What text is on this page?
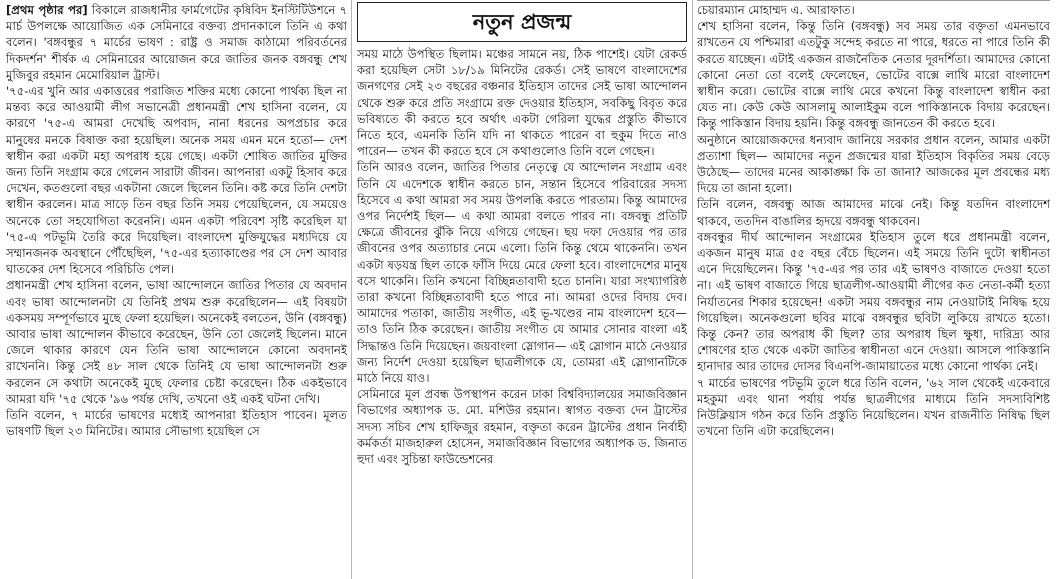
[প্রথম পৃষ্ঠার পর] বিকালে রাজধানীর ফার্মগেটের কৃষিবিদ ইনস্টিটিউশনে ৭ মার্চ উপলক্ষে আয়োজিত এক সেমিনারে বক্তব্য প্রদানকালে তিনি এ কথা বলেন। 'বঙ্গবন্ধুর ৭ মার্চের ভাষণ : রাষ্ট্র ও সমাজ কাঠামো পরিবর্তনের দিকদর্শন' শীর্ষক এ সেমিনারের আয়োজন করে জাতির জনক বঙ্গবন্ধু শেখ মুজিবুর রহমান মেমোরিয়াল ট্রাস্ট।

'৭৫-এর খুনি আর একাত্তরের পরাজিত শক্তির মধ্যে কোনো পার্থক্য ছিল না মন্তব্য করে আওয়ামী লীগ সভানেত্রী প্রধানমন্ত্রী শেখ হাসিনা বলেন, যে কারণে '৭৫-এ আমরা দেখেছি অপবাদ, নানা ধরনের অপপ্রচার করে মানুষের মনকে বিষাক্ত করা হয়েছিল। অনেক সময় এমন মনে হতো— দেশ স্বাধীন করা একটা মহা অপরাধ হয়ে গেছে। একটা শোষিত জাতির মুক্তির জন্য তিনি সংগ্রাম করে গেলেন সারাটা জীবন। আপনারা একটু হিসাব করে দেখেন, কতগুলো বছর একটানা জেলে ছিলেন তিনি। কষ্ট করে তিনি দেশটা স্বাধীন করলেন। মাত্র সাড়ে তিন বছর তিনি সময় পেয়েছিলেন, যে সময়েও অনেকে তো সহযোগিতা করেননি। এমন একটা পরিবেশ সৃষ্টি করেছিল যা '৭৫-এ পটভূমি তৈরি করে দিয়েছিল। বাংলাদেশ মুক্তিযুদ্ধের মধ্যদিয়ে যে সম্মানজনক অবস্থানে পৌঁছেছিল, '৭৫-এর হত্যাকাণ্ডের পর সে দেশ আবার ঘাতকের দেশ হিসেবে পরিচিতি পেল।

প্রধানমন্ত্রী শেখ হাসিনা বলেন, ভাষা আন্দোলনে জাতির পিতার যে অবদান এবং ভাষা আন্দোলনটা যে তিনিই প্রথম শুরু করেছিলেন— এই বিষয়টা একসময় সম্পূর্ণভাবে মুছে ফেলা হয়েছিল। অনেকেই বলতেন, উনি (বঙ্গবন্ধু) আবার ভাষা আন্দোলন কীভাবে করেছেন, উনি তো জেলেই ছিলেন। মানে জেলে থাকার কারণে যেন তিনি ভাষা আন্দোলনে কোনো অবদানই রাখেননি। কিন্তু সেই ৪৮ সাল থেকে তিনিই যে ভাষা আন্দোলনটা শুরু করলেন সে কথাটা অনেকেই মুছে ফেলার চেষ্টা করেছেন। ঠিক একইভাবে আমরা যদি '৭৫ থেকে '৯৬ পর্যন্ত দেখি, তখনো ওই একই ঘটনা দেখি।

তিনি বলেন, ৭ মার্চের ভাষণের মধ্যেই আপনারা ইতিহাস পাবেন। মূলত ভাষণটি ছিল ২৩ মিনিটের। আমার সৌভাগ্য হয়েছিল সে

নতুন প্রজন্ম

সময় মাঠে উপস্থিত ছিলাম। মঞ্চের সামনে নয়, ঠিক পাশেই। যেটা রেকর্ড করা হয়েছিল সেটা ১৮/১৯ মিনিটের রেকর্ড। সেই ভাষণে বাংলাদেশের জনগণের সেই ২৩ বছরের বঞ্চনার ইতিহাস তাদের সেই ভাষা আন্দোলন থেকে শুরু করে প্রতি সংগ্রামে রক্ত দেওয়ার ইতিহাস, সবকিছু বিবৃত করে ভবিষ্যতে কী করতে হবে অর্থাৎ একটা গেরিলা যুদ্ধের প্রস্তুতি কীভাবে নিতে হবে, এমনকি তিনি যদি না থাকতে পারেন বা হুকুম দিতে নাও পারেন— তখন কী করতে হবে সে কথাগুলোও তিনি বলে গেছেন।

তিনি আরও বলেন, জাতির পিতার নেতৃত্বে যে আন্দোলন সংগ্রাম এবং তিনি যে এদেশকে স্বাধীন করতে চান, সন্তান হিসেবে পরিবারের সদস্য হিসেবে এ কথা আমরা সব সময় উপলব্ধি করতে পারতাম। কিন্তু আমাদের ওপর নির্দেশই ছিল— এ কথা আমরা বলতে পারব না। বঙ্গবন্ধু প্রতিটি ক্ষেত্রে জীবনের ঝুঁকি নিয়ে এগিয়ে গেছেন। ছয় দফা দেওয়ার পর তার জীবনের ওপর অত্যাচার নেমে এলো। তিনি কিন্তু থেমে থাকেননি। তখন একটা ষড়যন্ত্র ছিল তাকে ফাঁসি দিয়ে মেরে ফেলা হবে। বাংলাদেশের মানুষ বসে থাকেনি। তিনি কখনো বিচ্ছিন্নতাবাদী হতে চাননি। যারা সংখ্যাগরিষ্ঠ তারা কখনো বিচ্ছিন্নতাবাদী হতে পারে না। আমরা ওদের বিদায় দেব। আমাদের পতাকা, জাতীয় সংগীত, এই ভূ-খণ্ডের নাম বাংলাদেশ হবে— তাও তিনি ঠিক করেছেন। জাতীয় সংগীত যে আমার সোনার বাংলা এই সিদ্ধান্তও তিনি দিয়েছেন। জয়বাংলা স্লোগান— এই স্লোগান মাঠে নেওয়ার জন্য নির্দেশ দেওয়া হয়েছিল ছাত্রলীগকে যে, তোমরা এই স্লোগানটিকে মাঠে নিয়ে যাও।

সেমিনারে মূল প্রবন্ধ উপস্থাপন করেন ঢাকা বিশ্ববিদ্যালয়ের সমাজবিজ্ঞান বিভাগের অধ্যাপক ড. মো. মশিউর রহমান। স্বাগত বক্তব্য দেন ট্রাস্টের সদস্য সচিব শেখ হাফিজুর রহমান, বক্তৃতা করেন ট্রাস্টের প্রধান নির্বাহী কর্মকর্তা মাজহারুল হোসেন, সমাজবিজ্ঞান বিভাগের অধ্যাপক ড. জিনাত হুদা এবং সুচিন্তা ফাউন্ডেশনের

চেয়ারম্যান মোহাম্মদ এ. আরাফাত।

শেখ হাসিনা বলেন, কিন্তু তিনি (বঙ্গবন্ধু) সব সময় তার বক্তৃতা এমনভাবে রাখতেন যে পশ্চিমারা এতটুকু সন্দেহ করতে না পারে, ধরতে না পারে তিনি কী করতে যাচ্ছেন। এটাই একজন রাজনৈতিক নেতার দূরদর্শিতা। আমাদের কোনো কোনো নেতা তো বলেই ফেলেছেন, ভোটের বাক্সে লাথি মারো বাংলাদেশ স্বাধীন করো। ভোটের বাক্সে লাথি মেরে কখনো কিন্তু বাংলাদেশ স্বাধীন করা যেত না। কেউ কেউ আসলামু আলাইকুম বলে পাকিস্তানকে বিদায় করেছেন। কিন্তু পাকিস্তান বিদায় হয়নি। কিন্তু বঙ্গবন্ধু জানতেন কী করতে হবে।

অনুষ্ঠানে আয়োজকদের ধন্যবাদ জানিয়ে সরকার প্রধান বলেন, আমার একটা প্রত্যাশা ছিল— আমাদের নতুন প্রজন্মের যারা ইতিহাস বিকৃতির সময় বেড়ে উঠেছে— তাদের মনের আকাঙ্ক্ষা কি তা জানা? আজকের মূল প্রবন্ধের মধ্য দিয়ে তা জানা হলো।

তিনি বলেন, বঙ্গবন্ধু আজ আমাদের মাঝে নেই। কিন্তু যতদিন বাংলাদেশ থাকবে, ততদিন বাঙালির হৃদয়ে বঙ্গবন্ধু থাকবেন।

বঙ্গবন্ধুর দীর্ঘ আন্দোলন সংগ্রামের ইতিহাস তুলে ধরে প্রধানমন্ত্রী বলেন, একজন মানুষ মাত্র ৫৫ বছর বেঁচে ছিলেন। এই সময়ে তিনি দুটো স্বাধীনতা এনে দিয়েছিলেন। কিন্তু '৭৫-এর পর তার এই ভাষণও বাজাতে দেওয়া হতো না। এই ভাষণ বাজাতে গিয়ে ছাত্রলীগ-আওয়ামী লীগের কত নেতা-কর্মী হত্যা নির্যাতনের শিকার হয়েছেন! একটা সময় বঙ্গবন্ধুর নাম নেওয়াটাই নিষিদ্ধ হয়ে গিয়েছিল। অনেকগুলো ছবির মাঝে বঙ্গবন্ধুর ছবিটা লুকিয়ে রাখতে হতো। কিন্তু কেন? তার অপরাধ কী ছিল? তার অপরাধ ছিল ক্ষুধা, দারিদ্র্য আর শোষণের হাত থেকে একটা জাতির স্বাধীনতা এনে দেওয়া। আসলে পাকিস্তানি হানাদার আর তাদের দোসর বিএনপি-জামায়াতের মধ্যে কোনো পার্থক্য নেই।

৭ মার্চের ভাষণের পটভূমি তুলে ধরে তিনি বলেন, '৬২ সাল থেকেই একেবারে মহকুমা এবং থানা পর্যায় পর্যন্ত ছাত্রলীগের মাধ্যমে তিনি সদস্যবিশিষ্ট নিউক্লিয়াস গঠন করে তিনি প্রস্তুতি নিয়েছিলেন। যখন রাজনীতি নিষিদ্ধ ছিল তখনো তিনি এটা করেছিলেন।
